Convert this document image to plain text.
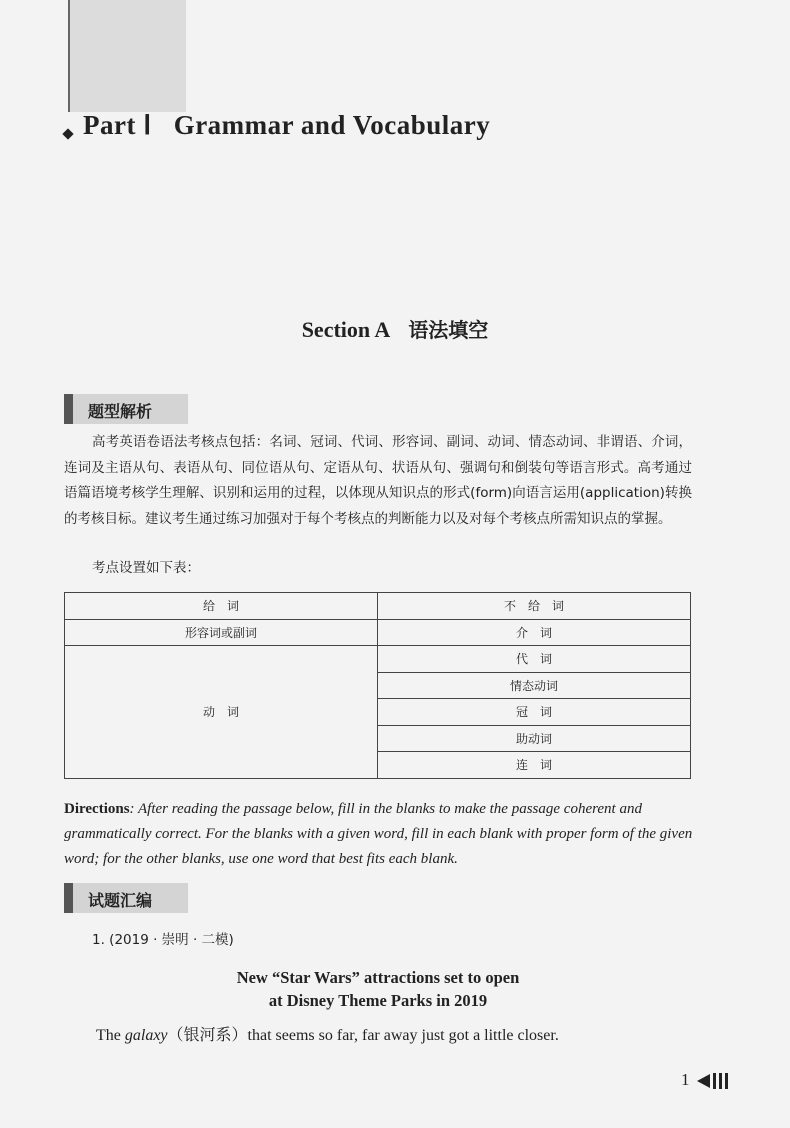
Part Ⅰ Grammar and Vocabulary
Section A 语法填空
题型解析
高考英语卷语法考核点包括：名词、冠词、代词、形容词、副词、动词、情态动词、非谓语、介词，连词及主语从句、表语从句、同位语从句、定语从句、状语从句、强调句和倒装句等语言形式。高考通过语篇语境考核学生理解、识别和运用的过程，以体现从知识点的形式(form)向语言运用(application)转换的考核目标。建议考生通过练习加强对于每个考核点的判断能力以及对每个考核点所需知识点的掌握。
考点设置如下表：
给　词	不　给　词
形容词或副词	介　词
动　词	代　词
	情态动词
	冠　词
	助动词
	连　词
Directions: After reading the passage below, fill in the blanks to make the passage coherent and grammatically correct. For the blanks with a given word, fill in each blank with proper form of the given word; for the other blanks, use one word that best fits each blank.
试题汇编
1. (2019 · 崇明 · 二模)
New “Star Wars” attractions set to open
at Disney Theme Parks in 2019
The galaxy（银河系）that seems so far, far away just got a little closer.
1
